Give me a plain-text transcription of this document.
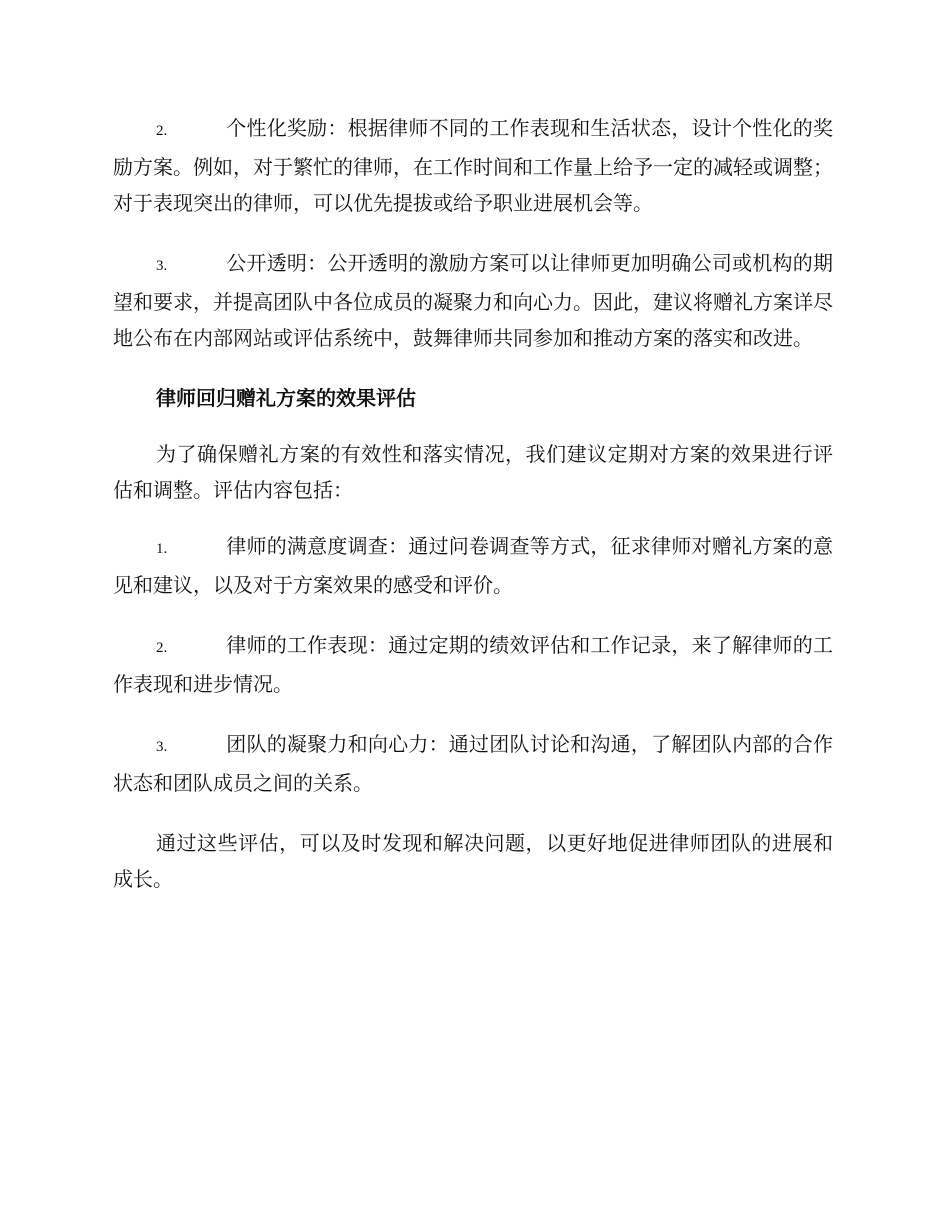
2.	个性化奖励：根据律师不同的工作表现和生活状态，设计个性化的奖励方案。例如，对于繁忙的律师，在工作时间和工作量上给予一定的减轻或调整；对于表现突出的律师，可以优先提拔或给予职业进展机会等。

3.	公开透明：公开透明的激励方案可以让律师更加明确公司或机构的期望和要求，并提高团队中各位成员的凝聚力和向心力。因此，建议将赠礼方案详尽地公布在内部网站或评估系统中，鼓舞律师共同参加和推动方案的落实和改进。

律师回归赠礼方案的效果评估

为了确保赠礼方案的有效性和落实情况，我们建议定期对方案的效果进行评估和调整。评估内容包括：

1.	律师的满意度调查：通过问卷调查等方式，征求律师对赠礼方案的意见和建议，以及对于方案效果的感受和评价。

2.	律师的工作表现：通过定期的绩效评估和工作记录，来了解律师的工作表现和进步情况。

3.	团队的凝聚力和向心力：通过团队讨论和沟通，了解团队内部的合作状态和团队成员之间的关系。

通过这些评估，可以及时发现和解决问题，以更好地促进律师团队的进展和成长。
